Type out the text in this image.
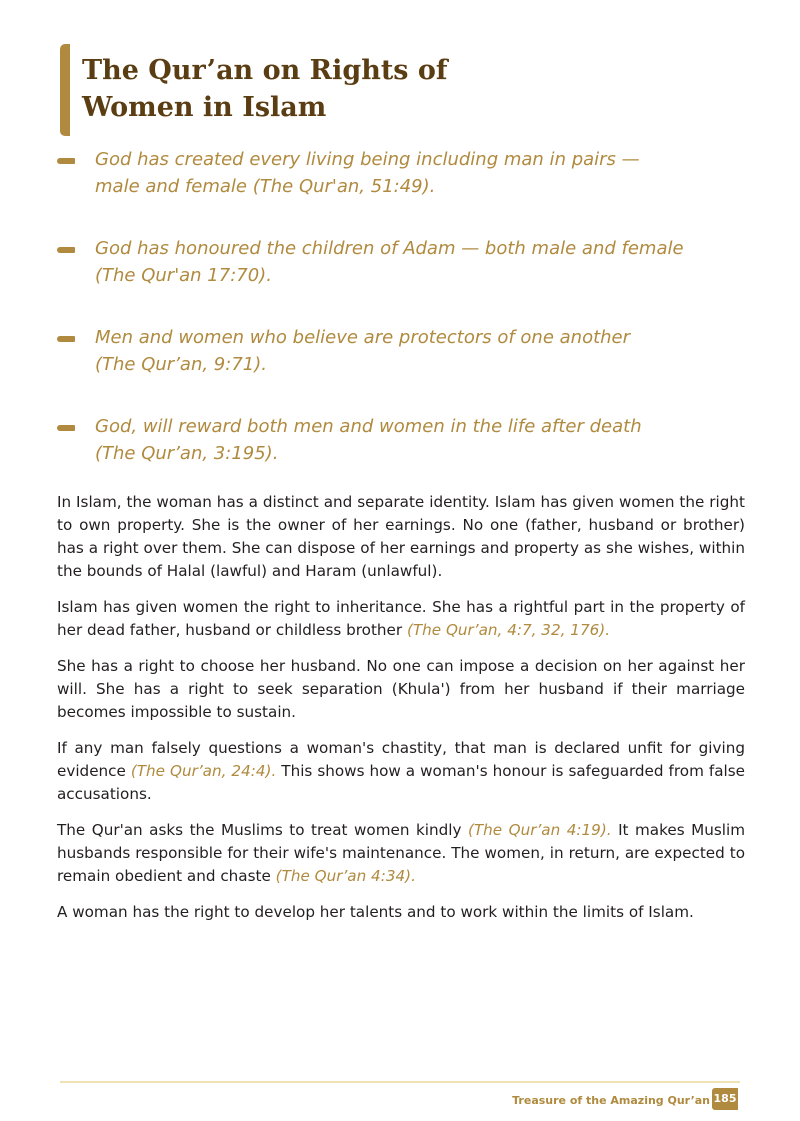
The Qur’an on Rights of
Women in Islam
God has created every living being including man in pairs —
male and female (The Qur'an, 51:49).
God has honoured the children of Adam — both male and female
(The Qur'an 17:70).
Men and women who believe are protectors of one another
(The Qur’an, 9:71).
God, will reward both men and women in the life after death
(The Qur’an, 3:195).

In Islam, the woman has a distinct and separate identity. Islam has given women the right to own property. She is the owner of her earnings. No one (father, husband or brother) has a right over them. She can dispose of her earnings and property as she wishes, within the bounds of Halal (lawful) and Haram (unlawful).

Islam has given women the right to inheritance. She has a rightful part in the property of her dead father, husband or childless brother (The Qur’an, 4:7, 32, 176).

She has a right to choose her husband. No one can impose a decision on her against her will. She has a right to seek separation (Khula') from her husband if their marriage becomes impossible to sustain.

If any man falsely questions a woman's chastity, that man is declared unfit for giving evidence (The Qur’an, 24:4). This shows how a woman's honour is safeguarded from false accusations.

The Qur'an asks the Muslims to treat women kindly (The Qur’an 4:19). It makes Muslim husbands responsible for their wife's maintenance. The women, in return, are expected to remain obedient and chaste (The Qur’an 4:34).

A woman has the right to develop her talents and to work within the limits of Islam.

Treasure of the Amazing Qur’an 185
